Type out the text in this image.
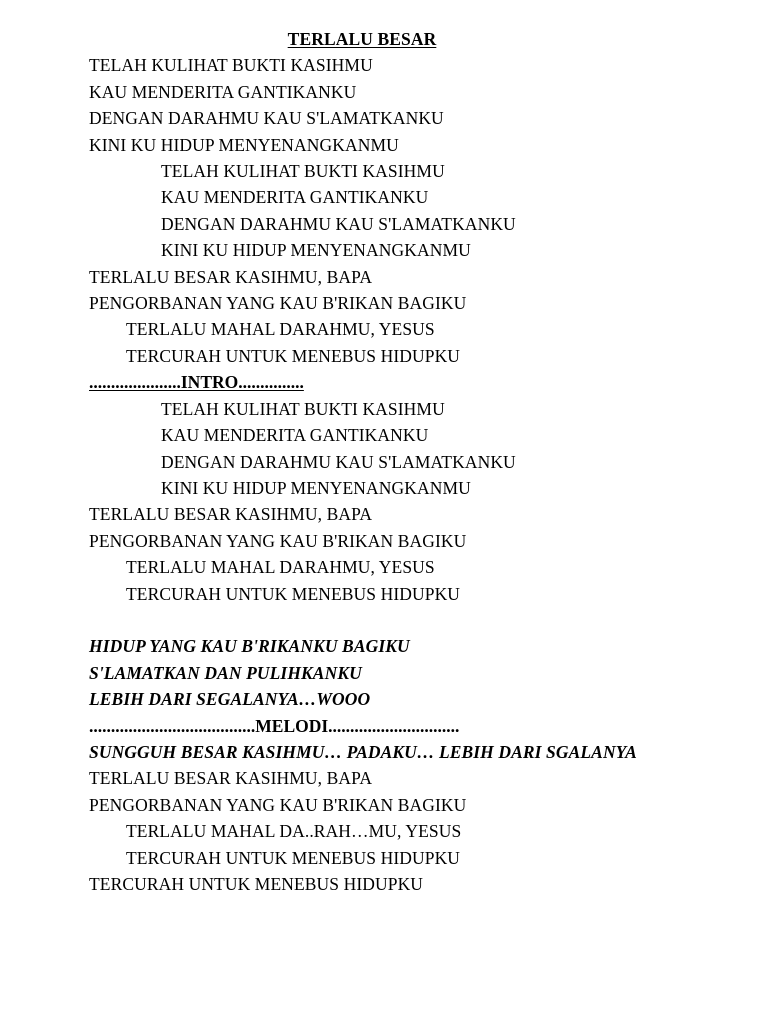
TERLALU BESAR
TELAH KULIHAT BUKTI KASIHMU
KAU MENDERITA GANTIKANKU
DENGAN DARAHMU KAU S'LAMATKANKU
KINI KU HIDUP MENYENANGKANMU
TELAH KULIHAT BUKTI KASIHMU
KAU MENDERITA GANTIKANKU
DENGAN DARAHMU KAU S'LAMATKANKU
KINI KU HIDUP MENYENANGKANMU
TERLALU BESAR KASIHMU, BAPA
PENGORBANAN YANG KAU B'RIKAN BAGIKU
TERLALU MAHAL DARAHMU, YESUS
TERCURAH UNTUK MENEBUS HIDUPKU
.....................INTRO...............
TELAH KULIHAT BUKTI KASIHMU
KAU MENDERITA GANTIKANKU
DENGAN DARAHMU KAU S'LAMATKANKU
KINI KU HIDUP MENYENANGKANMU
TERLALU BESAR KASIHMU, BAPA
PENGORBANAN YANG KAU B'RIKAN BAGIKU
TERLALU MAHAL DARAHMU, YESUS
TERCURAH UNTUK MENEBUS HIDUPKU
HIDUP YANG KAU B'RIKANKU BAGIKU
S'LAMATKAN DAN PULIHKANKU
LEBIH DARI SEGALANYA…WOOO
......................................MELODI..............................
SUNGGUH BESAR KASIHMU… PADAKU… LEBIH DARI SGALANYA
TERLALU BESAR KASIHMU, BAPA
PENGORBANAN YANG KAU B'RIKAN BAGIKU
TERLALU MAHAL DA..RAH…MU, YESUS
TERCURAH UNTUK MENEBUS HIDUPKU
TERCURAH UNTUK MENEBUS HIDUPKU
